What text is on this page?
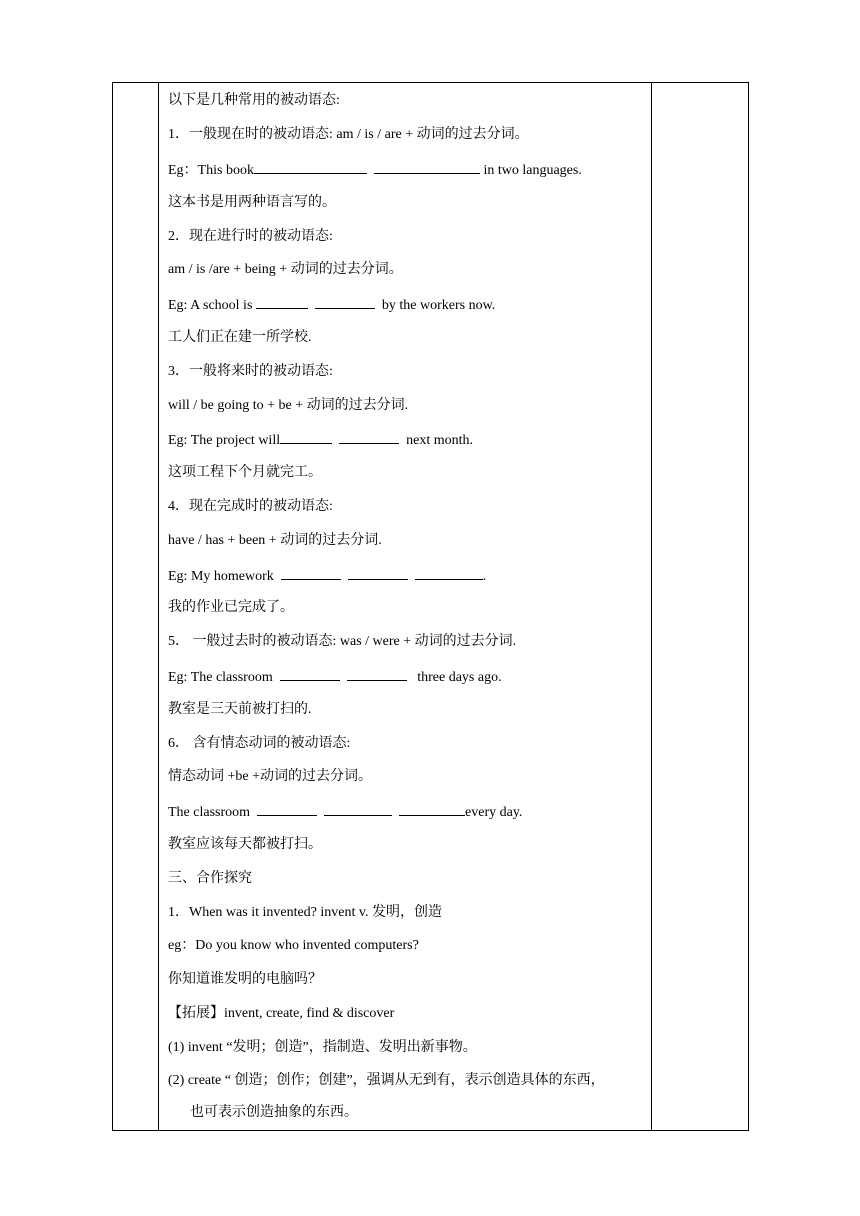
以下是几种常用的被动语态:
1．一般现在时的被动语态: am / is / are + 动词的过去分词。
Eg：This book	in two languages.
这本书是用两种语言写的。
2．现在进行时的被动语态:
am / is /are + being + 动词的过去分词。
Eg: A school is	by the workers now.
工人们正在建一所学校.
3．一般将来时的被动语态:
will / be going to + be + 动词的过去分词.
Eg: The project will	next month.
这项工程下个月就完工。
4．现在完成时的被动语态:
have / has + been + 动词的过去分词.
Eg: My homework	.
我的作业已完成了。
5． 一般过去时的被动语态: was / were + 动词的过去分词.
Eg: The classroom	three days ago.
教室是三天前被打扫的.
6． 含有情态动词的被动语态:
情态动词 +be +动词的过去分词。
The classroom	every day.
教室应该每天都被打扫。
三、合作探究
1．When was it invented? invent v. 发明，创造
eg：Do you know who invented computers?
你知道谁发明的电脑吗？
【拓展】invent, create, find & discover
(1) invent “发明；创造”，指制造、发明出新事物。
(2) create “ 创造；创作；创建”，强调从无到有，表示创造具体的东西，
也可表示创造抽象的东西。
